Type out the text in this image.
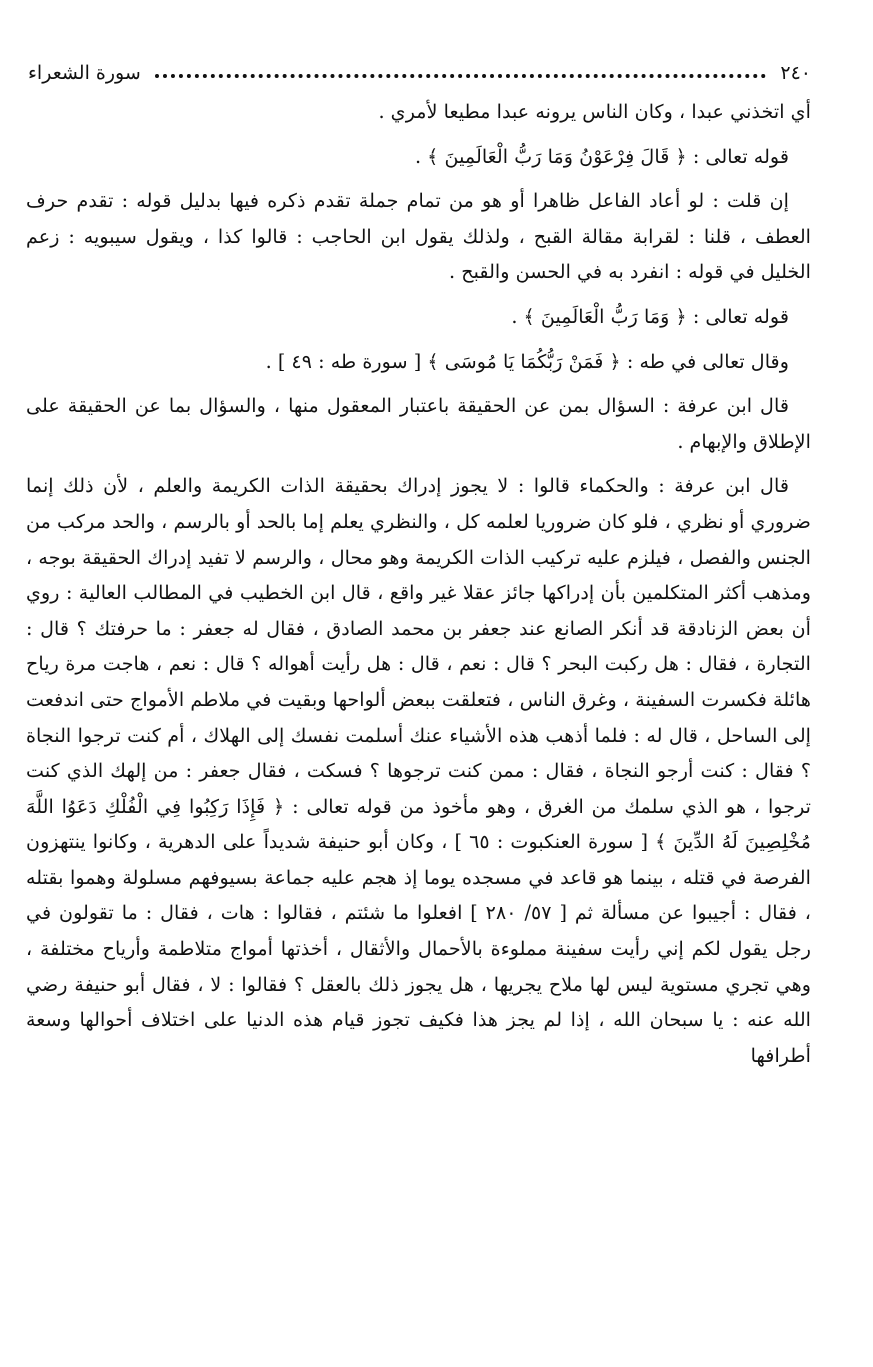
٢٤٠
سورة الشعراء

أي اتخذني عبدا ، وكان الناس يرونه عبدا مطيعا لأمري .

قوله تعالى : ﴿ قَالَ فِرْعَوْنُ وَمَا رَبُّ الْعَالَمِينَ ﴾ .

إن قلت : لو أعاد الفاعل ظاهرا أو هو من تمام جملة تقدم ذكره فيها بدليل قوله : تقدم حرف العطف ، قلنا : لقرابة مقالة القبح ، ولذلك يقول ابن الحاجب : قالوا كذا ، ويقول سيبويه : زعم الخليل في قوله : انفرد به في الحسن والقبح .

قوله تعالى : ﴿ وَمَا رَبُّ الْعَالَمِينَ ﴾ .

وقال تعالى في طه : ﴿ فَمَنْ رَبُّكُمَا يَا مُوسَى ﴾ [ سورة طه : ٤٩ ] .

قال ابن عرفة : السؤال بمن عن الحقيقة باعتبار المعقول منها ، والسؤال بما عن الحقيقة على الإطلاق والإبهام .

قال ابن عرفة : والحكماء قالوا : لا يجوز إدراك بحقيقة الذات الكريمة والعلم ، لأن ذلك إنما ضروري أو نظري ، فلو كان ضروريا لعلمه كل ، والنظري يعلم إما بالحد أو بالرسم ، والحد مركب من الجنس والفصل ، فيلزم عليه تركيب الذات الكريمة وهو محال ، والرسم لا تفيد إدراك الحقيقة بوجه ، ومذهب أكثر المتكلمين بأن إدراكها جائز عقلا غير واقع ، قال ابن الخطيب في المطالب العالية : روي أن بعض الزنادقة قد أنكر الصانع عند جعفر بن محمد الصادق ، فقال له جعفر : ما حرفتك ؟ قال : التجارة ، فقال : هل ركبت البحر ؟ قال : نعم ، قال : هل رأيت أهواله ؟ قال : نعم ، هاجت مرة رياح هائلة فكسرت السفينة ، وغرق الناس ، فتعلقت ببعض ألواحها وبقيت في ملاطم الأمواج حتى اندفعت إلى الساحل ، قال له : فلما أذهب هذه الأشياء عنك أسلمت نفسك إلى الهلاك ، أم كنت ترجوا النجاة ؟ فقال : كنت أرجو النجاة ، فقال : ممن كنت ترجوها ؟ فسكت ، فقال جعفر : من إلهك الذي كنت ترجوا ، هو الذي سلمك من الغرق ، وهو مأخوذ من قوله تعالى : ﴿ فَإِذَا رَكِبُوا فِي الْفُلْكِ دَعَوُا اللَّهَ مُخْلِصِينَ لَهُ الدِّينَ ﴾ [ سورة العنكبوت : ٦٥ ] ، وكان أبو حنيفة شديداً على الدهرية ، وكانوا ينتهزون الفرصة في قتله ، بينما هو قاعد في مسجده يوما إذ هجم عليه جماعة بسيوفهم مسلولة وهموا بقتله ، فقال : أجيبوا عن مسألة ثم [ ٥٧/ ٢٨٠ ] افعلوا ما شئتم ، فقالوا : هات ، فقال : ما تقولون في رجل يقول لكم إني رأيت سفينة مملوءة بالأحمال والأثقال ، أخذتها أمواج متلاطمة وأرياح مختلفة ، وهي تجري مستوية ليس لها ملاح يجريها ، هل يجوز ذلك بالعقل ؟ فقالوا : لا ، فقال أبو حنيفة رضي الله عنه : يا سبحان الله ، إذا لم يجز هذا فكيف تجوز قيام هذه الدنيا على اختلاف أحوالها وسعة أطرافها
